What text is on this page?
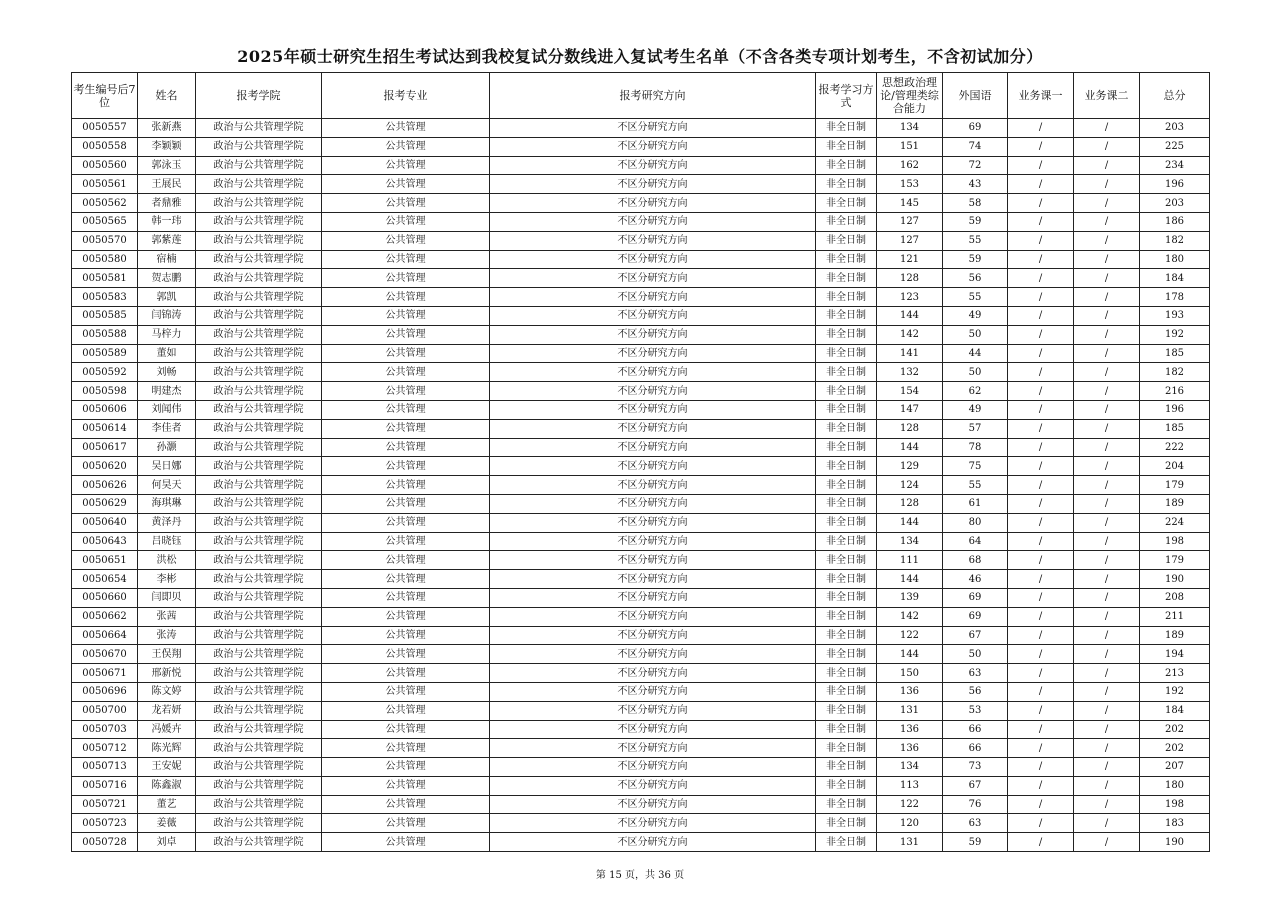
2025年硕士研究生招生考试达到我校复试分数线进入复试考生名单（不含各类专项计划考生，不含初试加分）
考生编号后7位	姓名	报考学院	报考专业	报考研究方向	报考学习方式	思想政治理论/管理类综合能力	外国语	业务课一	业务课二	总分
0050557	张新燕	政治与公共管理学院	公共管理	不区分研究方向	非全日制	134	69	/	/	203
0050558	李颖颖	政治与公共管理学院	公共管理	不区分研究方向	非全日制	151	74	/	/	225
0050560	郭泳玉	政治与公共管理学院	公共管理	不区分研究方向	非全日制	162	72	/	/	234
0050561	王展民	政治与公共管理学院	公共管理	不区分研究方向	非全日制	153	43	/	/	196
0050562	者鼎雅	政治与公共管理学院	公共管理	不区分研究方向	非全日制	145	58	/	/	203
0050565	韩一玮	政治与公共管理学院	公共管理	不区分研究方向	非全日制	127	59	/	/	186
0050570	郭紫莲	政治与公共管理学院	公共管理	不区分研究方向	非全日制	127	55	/	/	182
0050580	宿楠	政治与公共管理学院	公共管理	不区分研究方向	非全日制	121	59	/	/	180
0050581	贺志鹏	政治与公共管理学院	公共管理	不区分研究方向	非全日制	128	56	/	/	184
0050583	郭凯	政治与公共管理学院	公共管理	不区分研究方向	非全日制	123	55	/	/	178
0050585	闫锦涛	政治与公共管理学院	公共管理	不区分研究方向	非全日制	144	49	/	/	193
0050588	马梓力	政治与公共管理学院	公共管理	不区分研究方向	非全日制	142	50	/	/	192
0050589	董如	政治与公共管理学院	公共管理	不区分研究方向	非全日制	141	44	/	/	185
0050592	刘畅	政治与公共管理学院	公共管理	不区分研究方向	非全日制	132	50	/	/	182
0050598	明建杰	政治与公共管理学院	公共管理	不区分研究方向	非全日制	154	62	/	/	216
0050606	刘闻伟	政治与公共管理学院	公共管理	不区分研究方向	非全日制	147	49	/	/	196
0050614	李佳者	政治与公共管理学院	公共管理	不区分研究方向	非全日制	128	57	/	/	185
0050617	孙灏	政治与公共管理学院	公共管理	不区分研究方向	非全日制	144	78	/	/	222
0050620	吴日娜	政治与公共管理学院	公共管理	不区分研究方向	非全日制	129	75	/	/	204
0050626	何昊天	政治与公共管理学院	公共管理	不区分研究方向	非全日制	124	55	/	/	179
0050629	海琪琳	政治与公共管理学院	公共管理	不区分研究方向	非全日制	128	61	/	/	189
0050640	黄泽丹	政治与公共管理学院	公共管理	不区分研究方向	非全日制	144	80	/	/	224
0050643	吕晓钰	政治与公共管理学院	公共管理	不区分研究方向	非全日制	134	64	/	/	198
0050651	洪松	政治与公共管理学院	公共管理	不区分研究方向	非全日制	111	68	/	/	179
0050654	李彬	政治与公共管理学院	公共管理	不区分研究方向	非全日制	144	46	/	/	190
0050660	闫即贝	政治与公共管理学院	公共管理	不区分研究方向	非全日制	139	69	/	/	208
0050662	张茜	政治与公共管理学院	公共管理	不区分研究方向	非全日制	142	69	/	/	211
0050664	张涛	政治与公共管理学院	公共管理	不区分研究方向	非全日制	122	67	/	/	189
0050670	王俣翔	政治与公共管理学院	公共管理	不区分研究方向	非全日制	144	50	/	/	194
0050671	邢新悦	政治与公共管理学院	公共管理	不区分研究方向	非全日制	150	63	/	/	213
0050696	陈文婷	政治与公共管理学院	公共管理	不区分研究方向	非全日制	136	56	/	/	192
0050700	龙若妍	政治与公共管理学院	公共管理	不区分研究方向	非全日制	131	53	/	/	184
0050703	冯媛卉	政治与公共管理学院	公共管理	不区分研究方向	非全日制	136	66	/	/	202
0050712	陈光辉	政治与公共管理学院	公共管理	不区分研究方向	非全日制	136	66	/	/	202
0050713	王安妮	政治与公共管理学院	公共管理	不区分研究方向	非全日制	134	73	/	/	207
0050716	陈鑫淑	政治与公共管理学院	公共管理	不区分研究方向	非全日制	113	67	/	/	180
0050721	董艺	政治与公共管理学院	公共管理	不区分研究方向	非全日制	122	76	/	/	198
0050723	姜薇	政治与公共管理学院	公共管理	不区分研究方向	非全日制	120	63	/	/	183
0050728	刘卓	政治与公共管理学院	公共管理	不区分研究方向	非全日制	131	59	/	/	190
第 15 页，共 36 页
